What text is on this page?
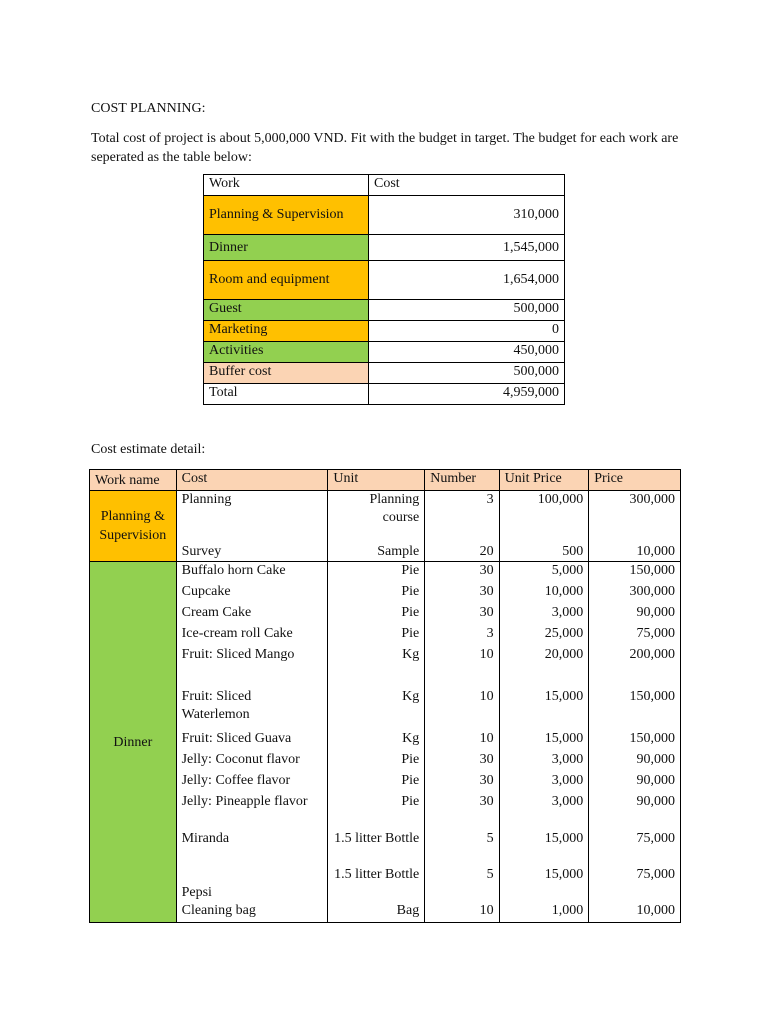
COST PLANNING:
Total cost of project is about 5,000,000 VND. Fit with the budget in target. The budget for each work are seperated as the table below:
Work	Cost
Planning & Supervision	310,000
Dinner	1,545,000
Room and equipment	1,654,000
Guest	500,000
Marketing	0
Activities	450,000
Buffer cost	500,000
Total	4,959,000
Cost estimate detail:
Work name	Cost	Unit	Number	Unit Price	Price
Planning & Supervision	Planning	Planning course	3	100,000	300,000
	Survey	Sample	20	500	10,000
Dinner	Buffalo horn Cake	Pie	30	5,000	150,000
	Cupcake	Pie	30	10,000	300,000
	Cream Cake	Pie	30	3,000	90,000
	Ice-cream roll Cake	Pie	3	25,000	75,000
	Fruit: Sliced Mango	Kg	10	20,000	200,000
	Fruit: Sliced Waterlemon	Kg	10	15,000	150,000
	Fruit: Sliced Guava	Kg	10	15,000	150,000
	Jelly: Coconut flavor	Pie	30	3,000	90,000
	Jelly: Coffee flavor	Pie	30	3,000	90,000
	Jelly: Pineapple flavor	Pie	30	3,000	90,000
	Miranda	1.5 litter Bottle	5	15,000	75,000
	Pepsi	1.5 litter Bottle	5	15,000	75,000
	Cleaning bag	Bag	10	1,000	10,000
